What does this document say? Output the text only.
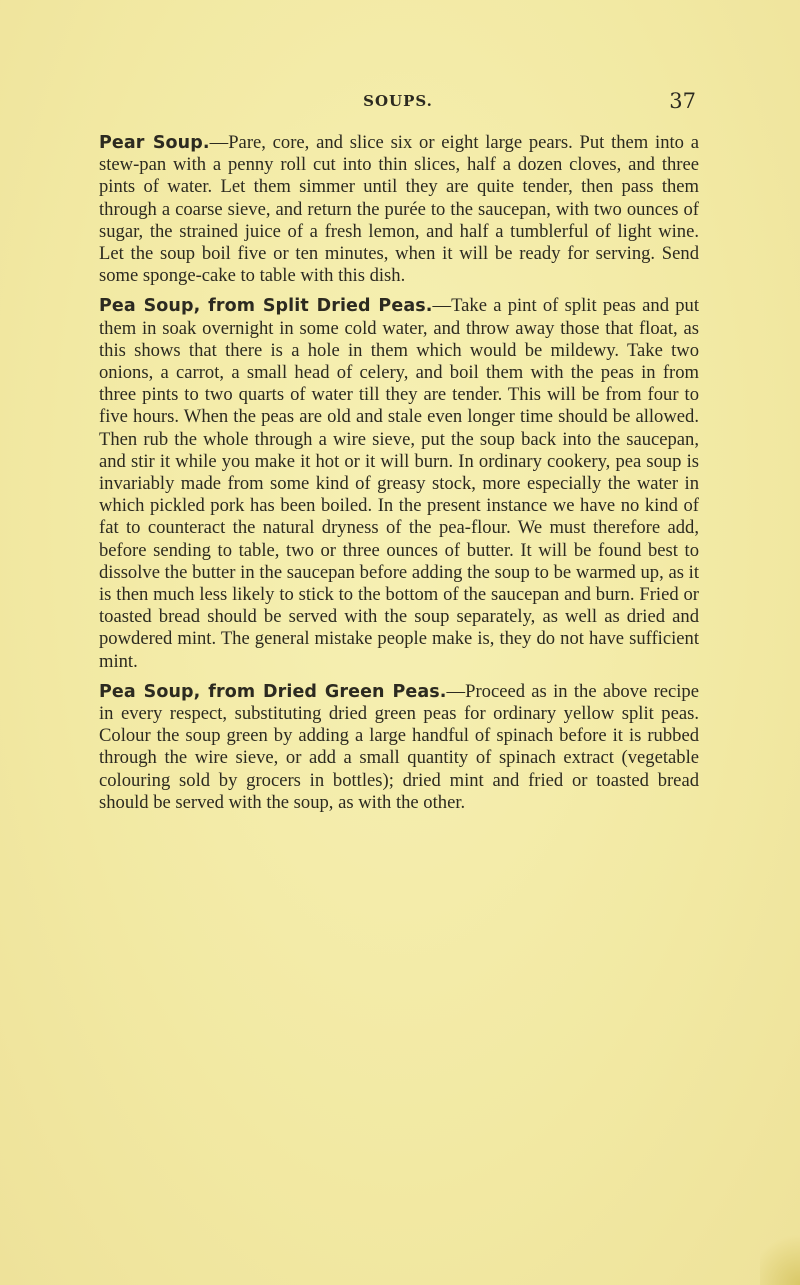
SOUPS.	37

Pear Soup.—Pare, core, and slice six or eight large pears. Put them into a stew-pan with a penny roll cut into thin slices, half a dozen cloves, and three pints of water. Let them simmer until they are quite tender, then pass them through a coarse sieve, and return the purée to the saucepan, with two ounces of sugar, the strained juice of a fresh lemon, and half a tumblerful of light wine. Let the soup boil five or ten minutes, when it will be ready for serving. Send some sponge-cake to table with this dish.

Pea Soup, from Split Dried Peas.—Take a pint of split peas and put them in soak overnight in some cold water, and throw away those that float, as this shows that there is a hole in them which would be mildewy. Take two onions, a carrot, a small head of celery, and boil them with the peas in from three pints to two quarts of water till they are tender. This will be from four to five hours. When the peas are old and stale even longer time should be allowed. Then rub the whole through a wire sieve, put the soup back into the saucepan, and stir it while you make it hot or it will burn. In ordinary cookery, pea soup is invariably made from some kind of greasy stock, more especially the water in which pickled pork has been boiled. In the present instance we have no kind of fat to counteract the natural dryness of the pea-flour. We must therefore add, before sending to table, two or three ounces of butter. It will be found best to dissolve the butter in the saucepan before adding the soup to be warmed up, as it is then much less likely to stick to the bottom of the saucepan and burn. Fried or toasted bread should be served with the soup separately, as well as dried and powdered mint. The general mistake people make is, they do not have sufficient mint.

Pea Soup, from Dried Green Peas.—Proceed as in the above recipe in every respect, substituting dried green peas for ordinary yellow split peas. Colour the soup green by adding a large handful of spinach before it is rubbed through the wire sieve, or add a small quantity of spinach extract (vegetable colouring sold by grocers in bottles); dried mint and fried or toasted bread should be served with the soup, as with the other.
